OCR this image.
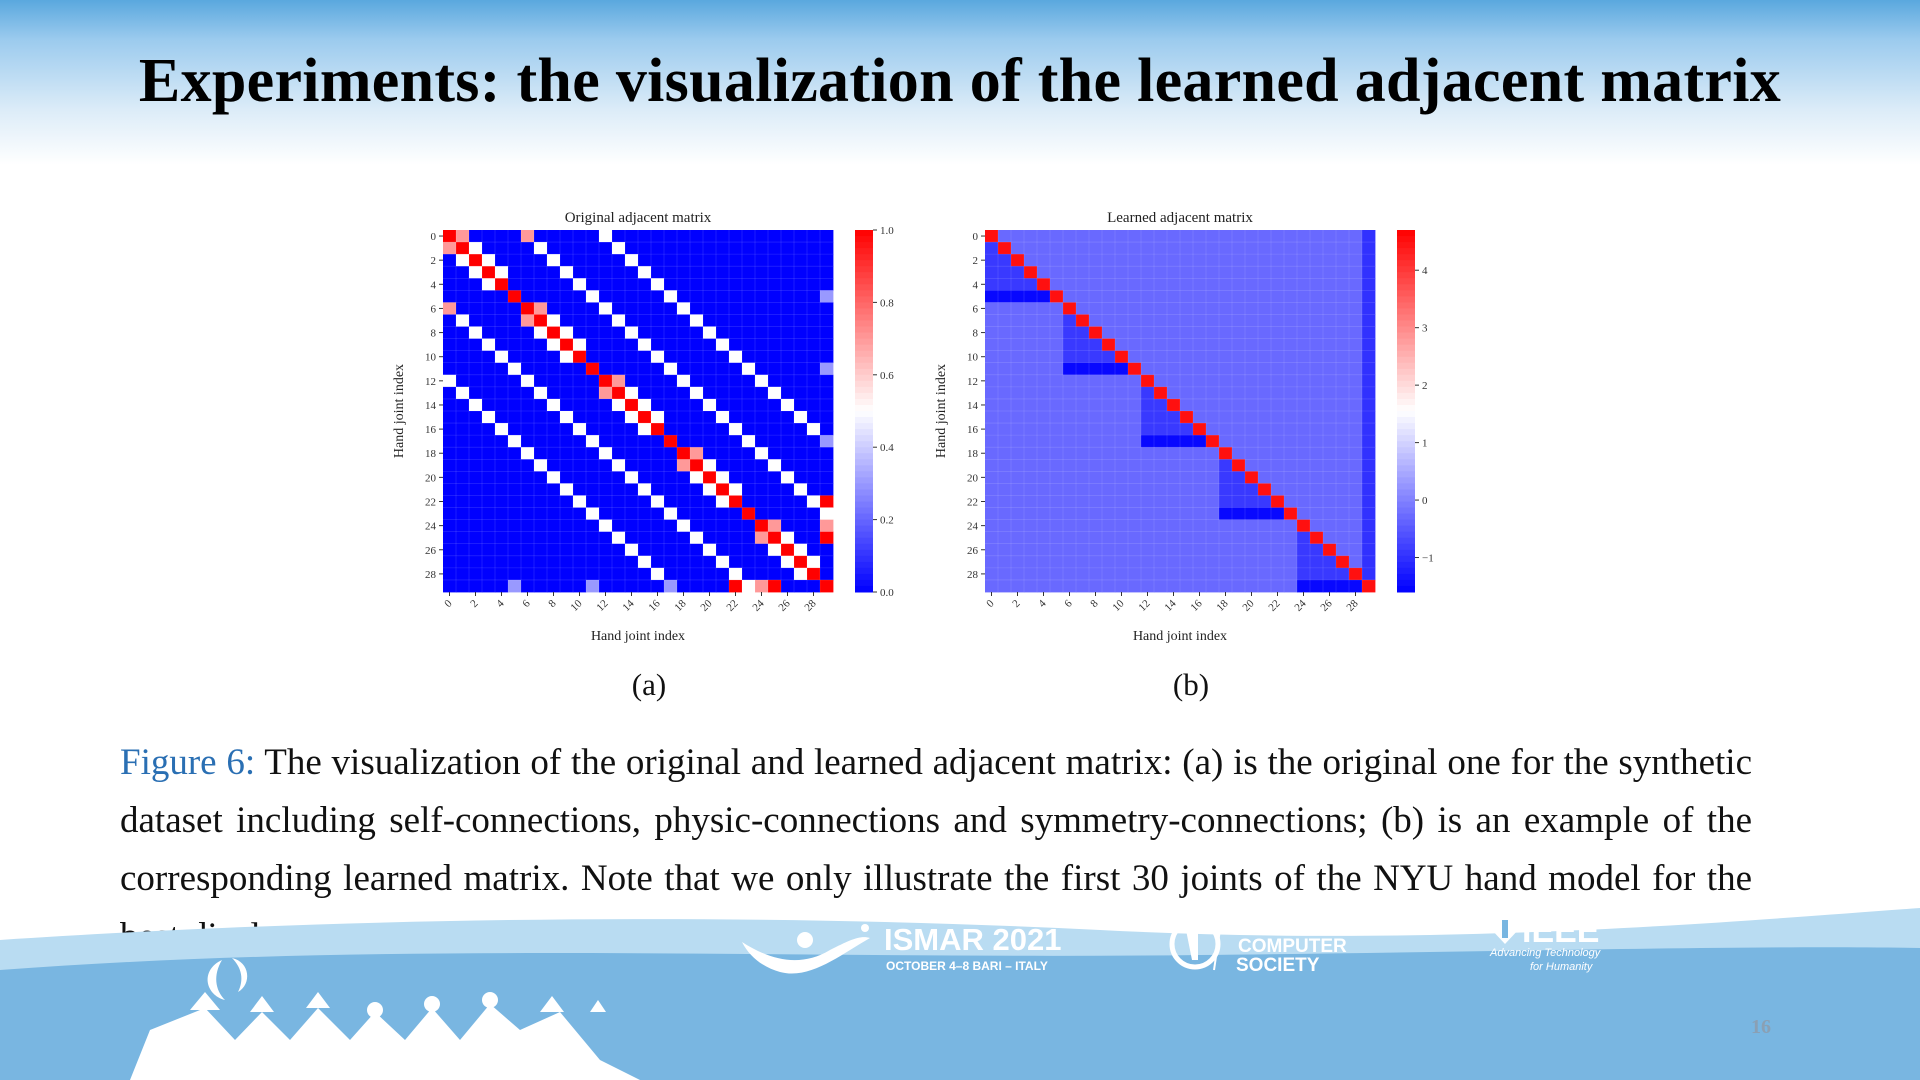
Experiments: the visualization of the learned adjacent matrix
Original adjacent matrix
0
2
4
6
8
10
12
14
16
18
20
22
24
26
28
0 2 4 6 8 10 12 14 16 18 20 22 24 26 28
Hand joint index
Hand joint index
0.0
0.2
0.4
0.6
0.8
1.0
Learned adjacent matrix
0
2
4
6
8
10
12
14
16
18
20
22
24
26
28
0 2 4 6 8 10 12 14 16 18 20 22 24 26 28
Hand joint index
Hand joint index
−1
0
1
2
3
4
(a)	(b)
Figure 6: The visualization of the original and learned adjacent matrix: (a) is the original one for the synthetic dataset including self-connections, physic-connections and symmetry-connections; (b) is an example of the corresponding learned matrix. Note that we only illustrate the first 30 joints of the NYU hand model for the
ISMAR 2021
OCTOBER 4–8 BARI – ITALY
IEEE
COMPUTER
SOCIETY
IEEE
Advancing Technology
for Humanity
16
